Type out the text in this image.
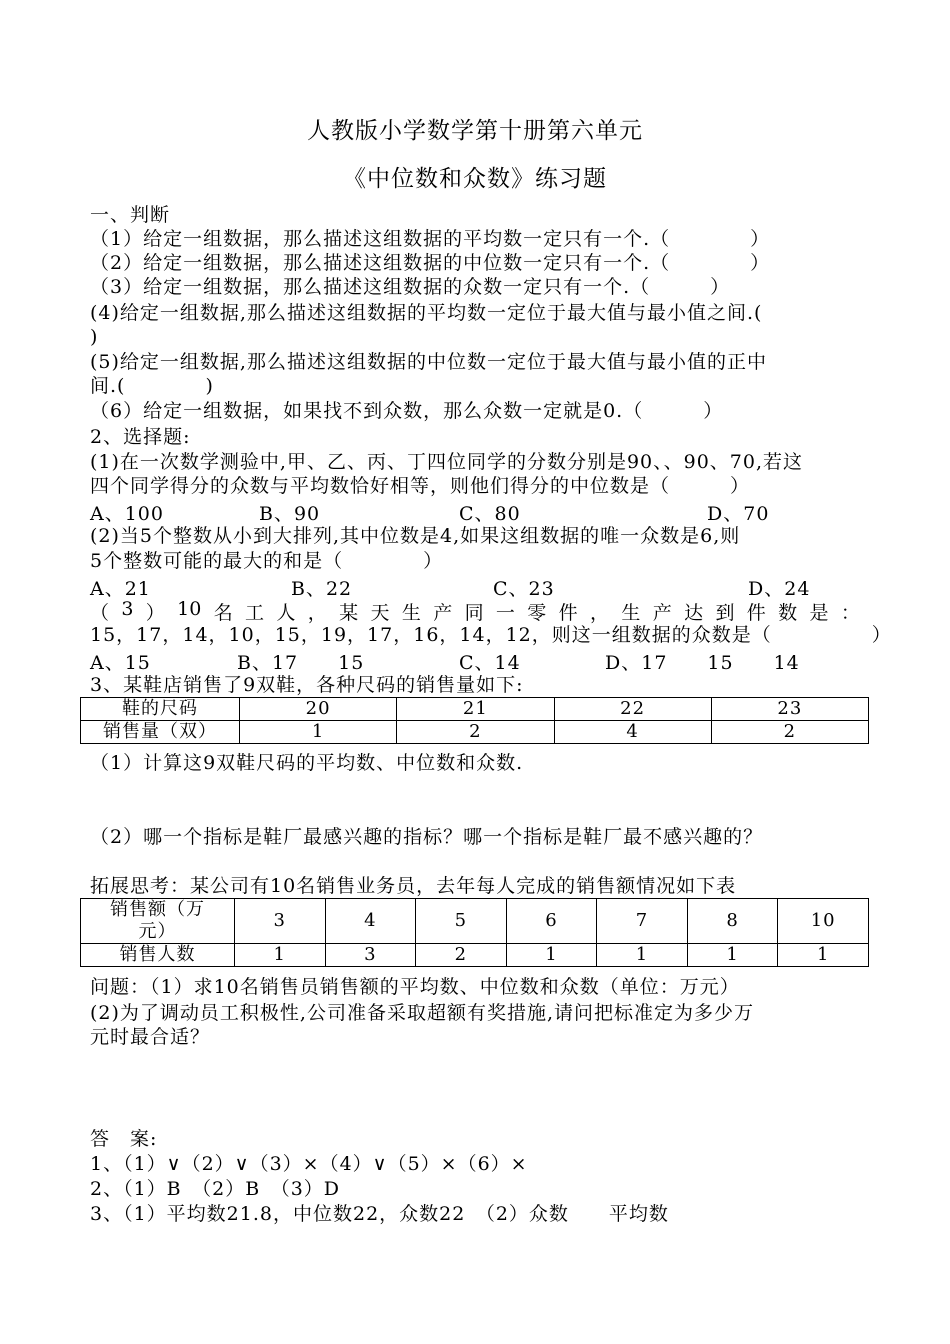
人教版小学数学第十册第六单元
《中位数和众数》练习题
一、判断
（1）给定一组数据，那么描述这组数据的平均数一定只有一个.（　　　　）
（2）给定一组数据，那么描述这组数据的中位数一定只有一个.（　　　　）
（3）给定一组数据，那么描述这组数据的众数一定只有一个.（　　　）
(4)给定一组数据,那么描述这组数据的平均数一定位于最大值与最小值之间.(
)
(5)给定一组数据,那么描述这组数据的中位数一定位于最大值与最小值的正中
间.(　　　　)
（6）给定一组数据，如果找不到众数，那么众数一定就是0.（　　　）
2、选择题:
(1)在一次数学测验中,甲、乙、丙、丁四位同学的分数分别是90、、90、70,若这
四个同学得分的众数与平均数恰好相等，则他们得分的中位数是（　　　）
A、100	B、90	C、80	D、70
(2)当5个整数从小到大排列,其中位数是4,如果这组数据的唯一众数是6,则
5个整数可能的最大的和是（　　　　）
A、21	B、22	C、23	D、24
（ 3 ） 10 名 工 人 ， 某 天 生 产 同 一 零 件 ， 生 产 达 到 件 数 是 ：
15，17，14，10，15，19，17，16，14，12，则这一组数据的众数是（　　　　　）
A、15	B、17　　15	C、14	D、17　　15　　14
3、某鞋店销售了9双鞋，各种尺码的销售量如下:
鞋的尺码	20	21	22	23
销售量（双）	1	2	4	2
（1）计算这9双鞋尺码的平均数、中位数和众数.
（2）哪一个指标是鞋厂最感兴趣的指标？哪一个指标是鞋厂最不感兴趣的？
拓展思考：某公司有10名销售业务员，去年每人完成的销售额情况如下表
销售额（万
元）	3	4	5	6	7	8	10
销售人数	1	3	2	1	1	1	1
问题：（1）求10名销售员销售额的平均数、中位数和众数（单位：万元）
(2)为了调动员工积极性,公司准备采取超额有奖措施,请问把标准定为多少万
元时最合适？
答　案:
1、（1）∨（2）∨（3）×（4）∨（5）×（6）×
2、（1）B　（2）B　（3）D
3、（1）平均数21.8，中位数22，众数22　（2）众数　　平均数
